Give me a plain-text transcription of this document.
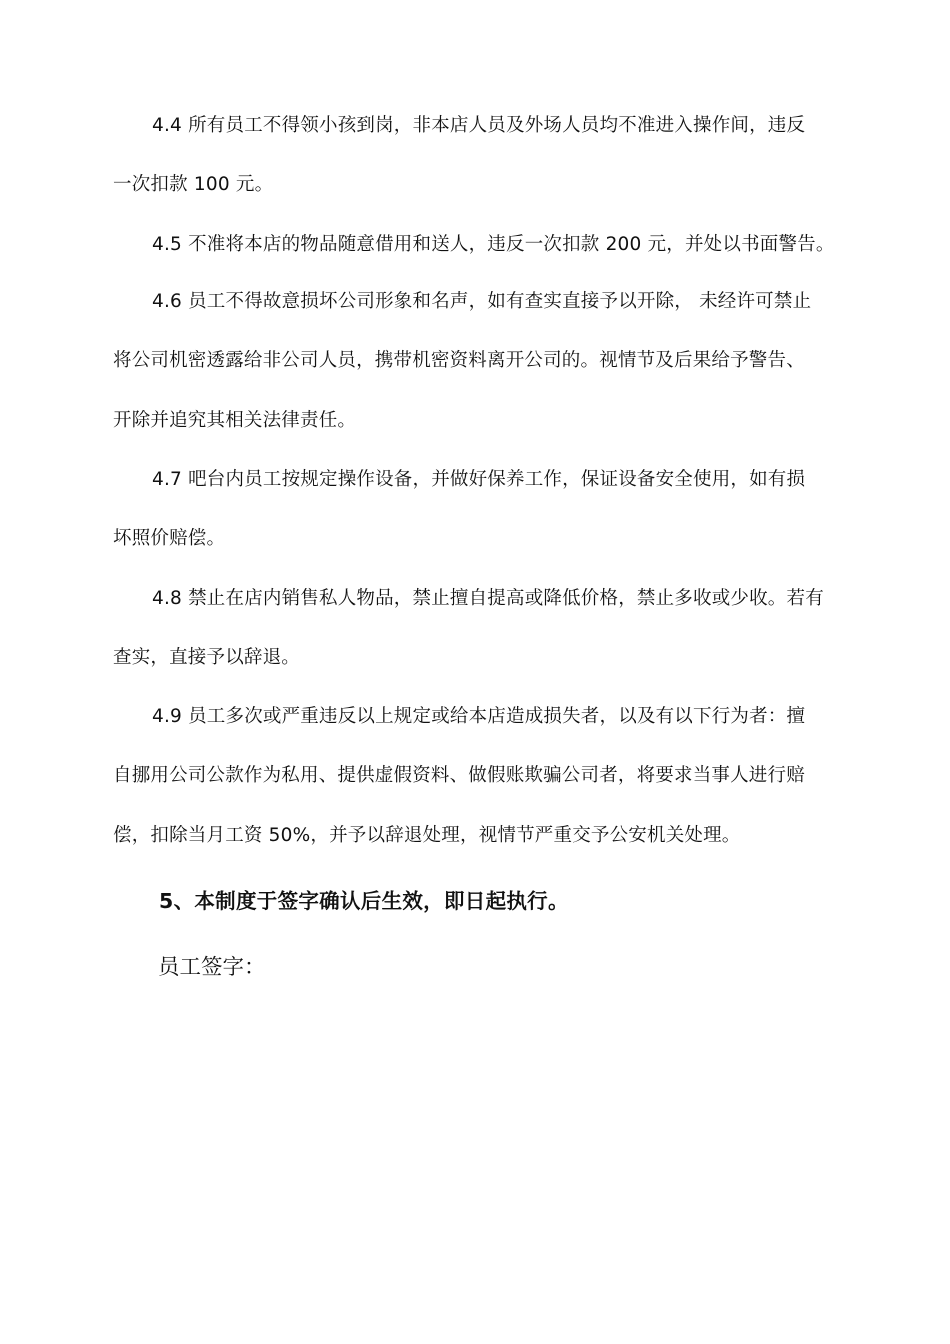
4.4 所有员工不得领小孩到岗，非本店人员及外场人员均不准进入操作间，违反
一次扣款 100 元。
4.5 不准将本店的物品随意借用和送人，违反一次扣款 200 元，并处以书面警告。
4.6 员工不得故意损坏公司形象和名声，如有查实直接予以开除， 未经许可禁止
将公司机密透露给非公司人员，携带机密资料离开公司的。视情节及后果给予警告、
开除并追究其相关法律责任。
4.7 吧台内员工按规定操作设备，并做好保养工作，保证设备安全使用，如有损
坏照价赔偿。
4.8 禁止在店内销售私人物品，禁止擅自提高或降低价格，禁止多收或少收。若有
查实，直接予以辞退。
4.9 员工多次或严重违反以上规定或给本店造成损失者，以及有以下行为者：擅
自挪用公司公款作为私用、提供虚假资料、做假账欺骗公司者，将要求当事人进行赔
偿，扣除当月工资 50%，并予以辞退处理，视情节严重交予公安机关处理。
5、本制度于签字确认后生效，即日起执行。
员工签字：
